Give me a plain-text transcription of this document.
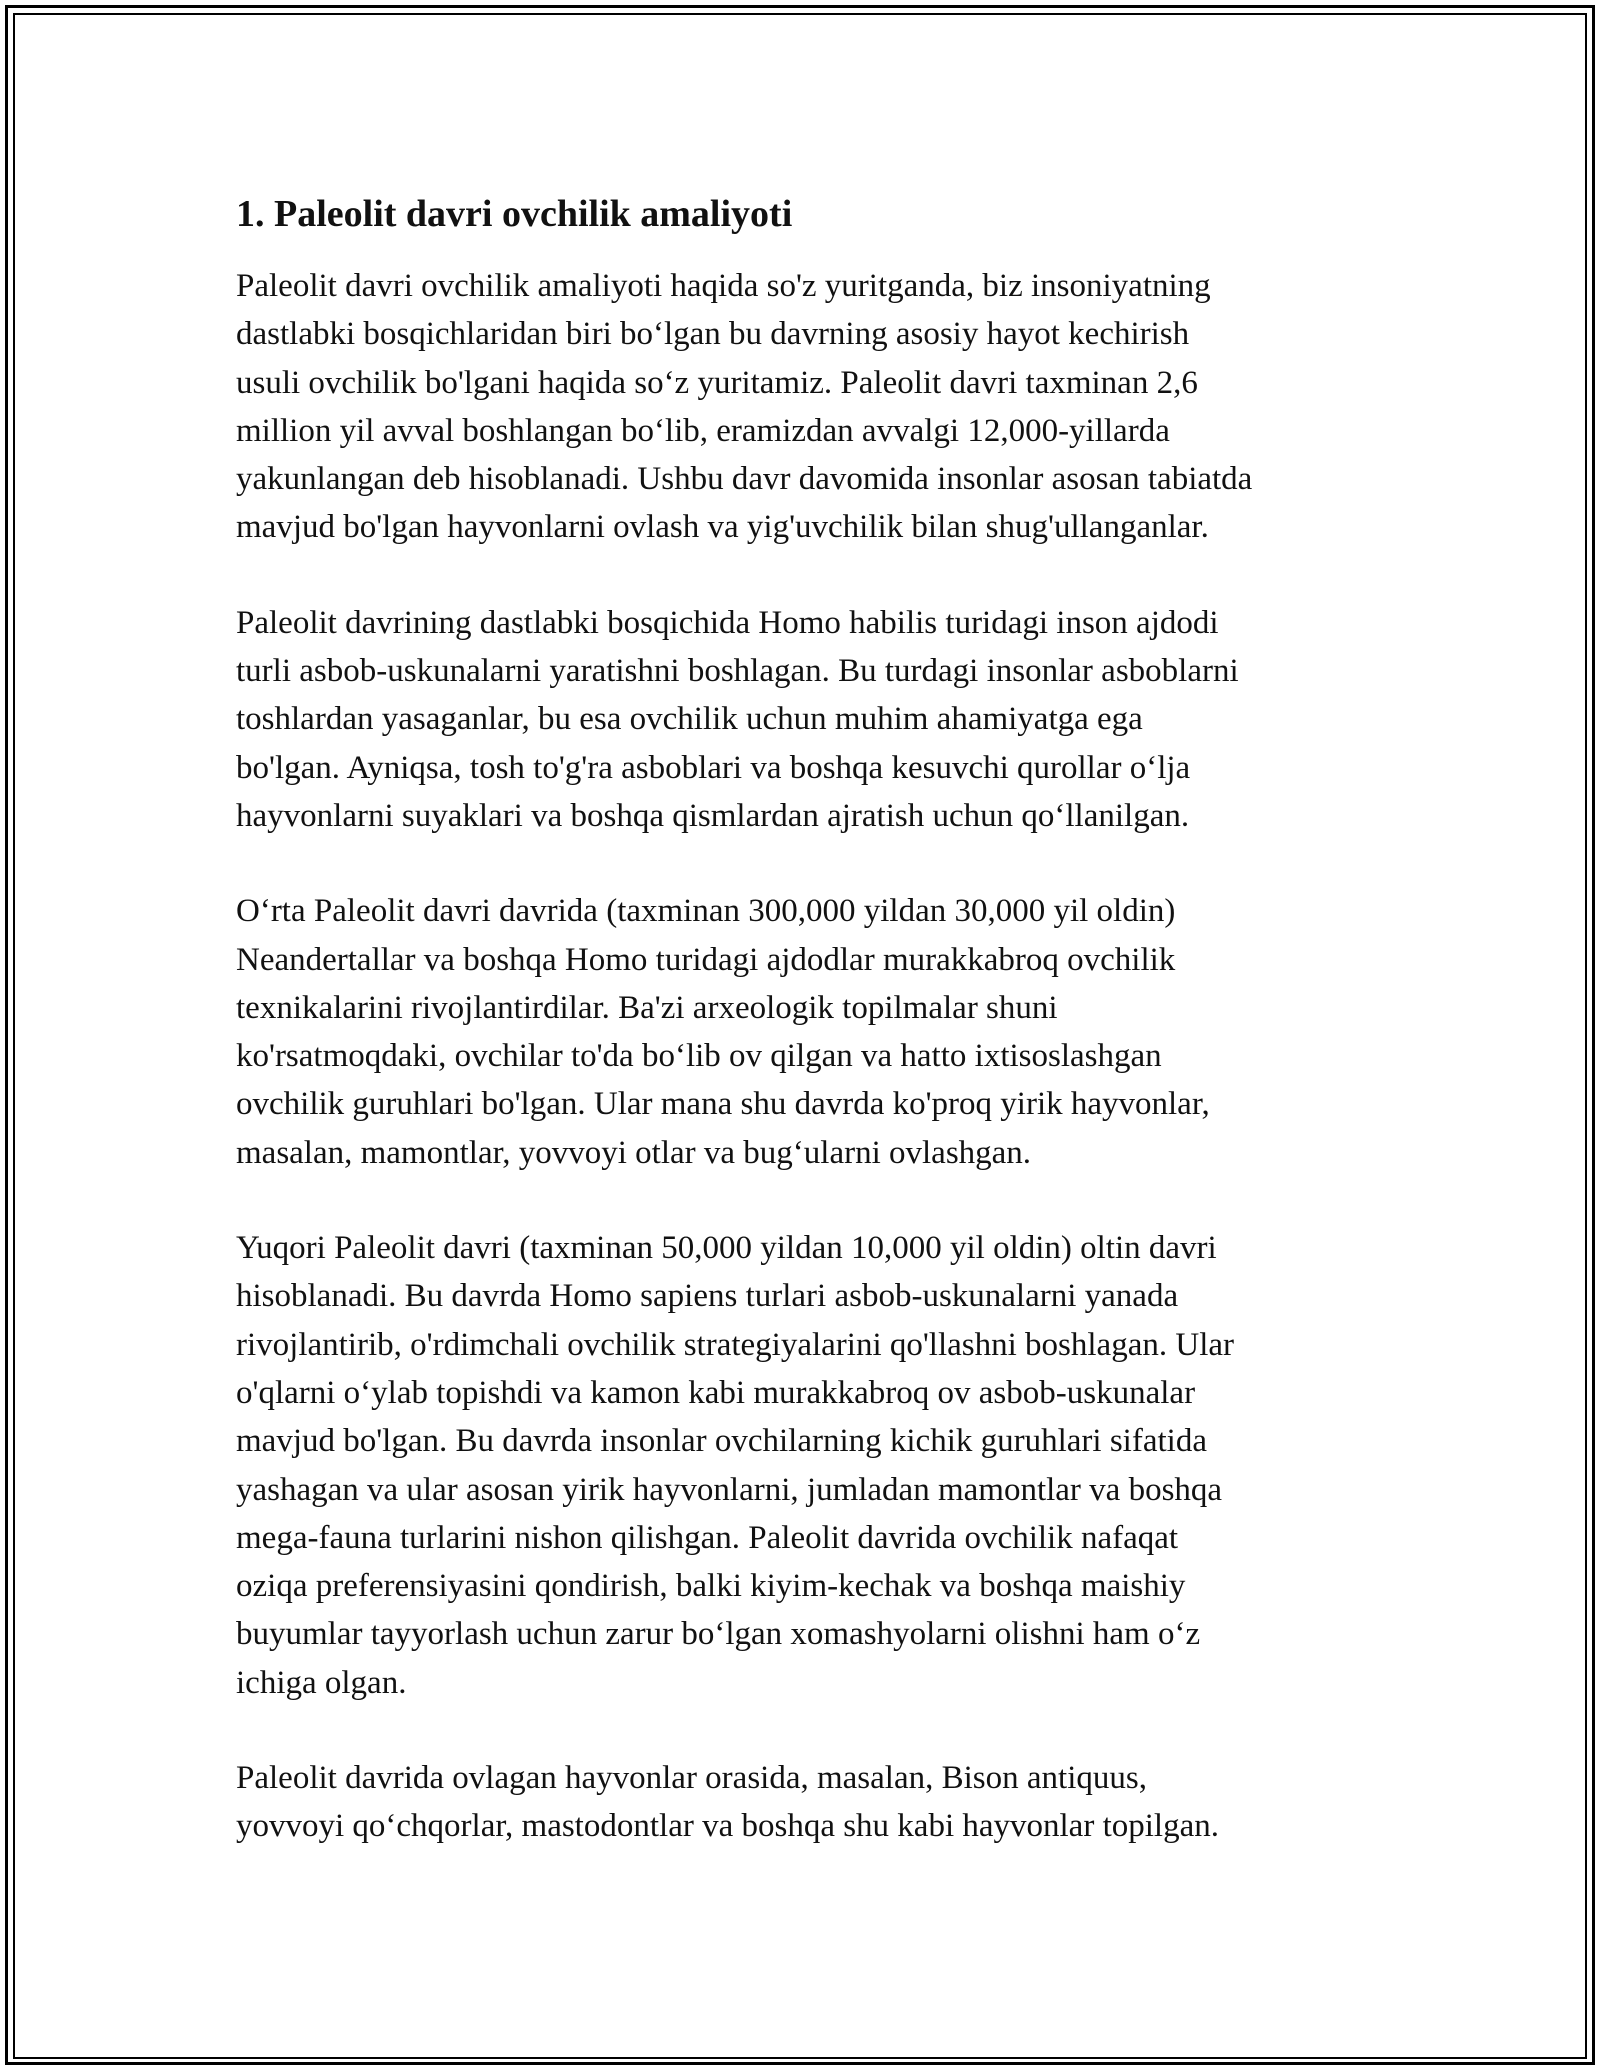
1. Paleolit davri ovchilik amaliyoti

Paleolit davri ovchilik amaliyoti haqida so'z yuritganda, biz insoniyatning
dastlabki bosqichlaridan biri bo‘lgan bu davrning asosiy hayot kechirish
usuli ovchilik bo'lgani haqida so‘z yuritamiz. Paleolit davri taxminan 2,6
million yil avval boshlangan bo‘lib, eramizdan avvalgi 12,000-yillarda
yakunlangan deb hisoblanadi. Ushbu davr davomida insonlar asosan tabiatda
mavjud bo'lgan hayvonlarni ovlash va yig'uvchilik bilan shug'ullanganlar.

Paleolit davrining dastlabki bosqichida Homo habilis turidagi inson ajdodi
turli asbob-uskunalarni yaratishni boshlagan. Bu turdagi insonlar asboblarni
toshlardan yasaganlar, bu esa ovchilik uchun muhim ahamiyatga ega
bo'lgan. Ayniqsa, tosh to'g'ra asboblari va boshqa kesuvchi qurollar o‘lja
hayvonlarni suyaklari va boshqa qismlardan ajratish uchun qo‘llanilgan.

O‘rta Paleolit davri davrida (taxminan 300,000 yildan 30,000 yil oldin)
Neandertallar va boshqa Homo turidagi ajdodlar murakkabroq ovchilik
texnikalarini rivojlantirdilar. Ba'zi arxeologik topilmalar shuni
ko'rsatmoqdaki, ovchilar to'da bo‘lib ov qilgan va hatto ixtisoslashgan
ovchilik guruhlari bo'lgan. Ular mana shu davrda ko'proq yirik hayvonlar,
masalan, mamontlar, yovvoyi otlar va bug‘ularni ovlashgan.

Yuqori Paleolit davri (taxminan 50,000 yildan 10,000 yil oldin) oltin davri
hisoblanadi. Bu davrda Homo sapiens turlari asbob-uskunalarni yanada
rivojlantirib, o'rdimchali ovchilik strategiyalarini qo'llashni boshlagan. Ular
o'qlarni o‘ylab topishdi va kamon kabi murakkabroq ov asbob-uskunalar
mavjud bo'lgan. Bu davrda insonlar ovchilarning kichik guruhlari sifatida
yashagan va ular asosan yirik hayvonlarni, jumladan mamontlar va boshqa
mega-fauna turlarini nishon qilishgan. Paleolit davrida ovchilik nafaqat
oziqa preferensiyasini qondirish, balki kiyim-kechak va boshqa maishiy
buyumlar tayyorlash uchun zarur bo‘lgan xomashyolarni olishni ham o‘z
ichiga olgan.

Paleolit davrida ovlagan hayvonlar orasida, masalan, Bison antiquus,
yovvoyi qo‘chqorlar, mastodontlar va boshqa shu kabi hayvonlar topilgan.
